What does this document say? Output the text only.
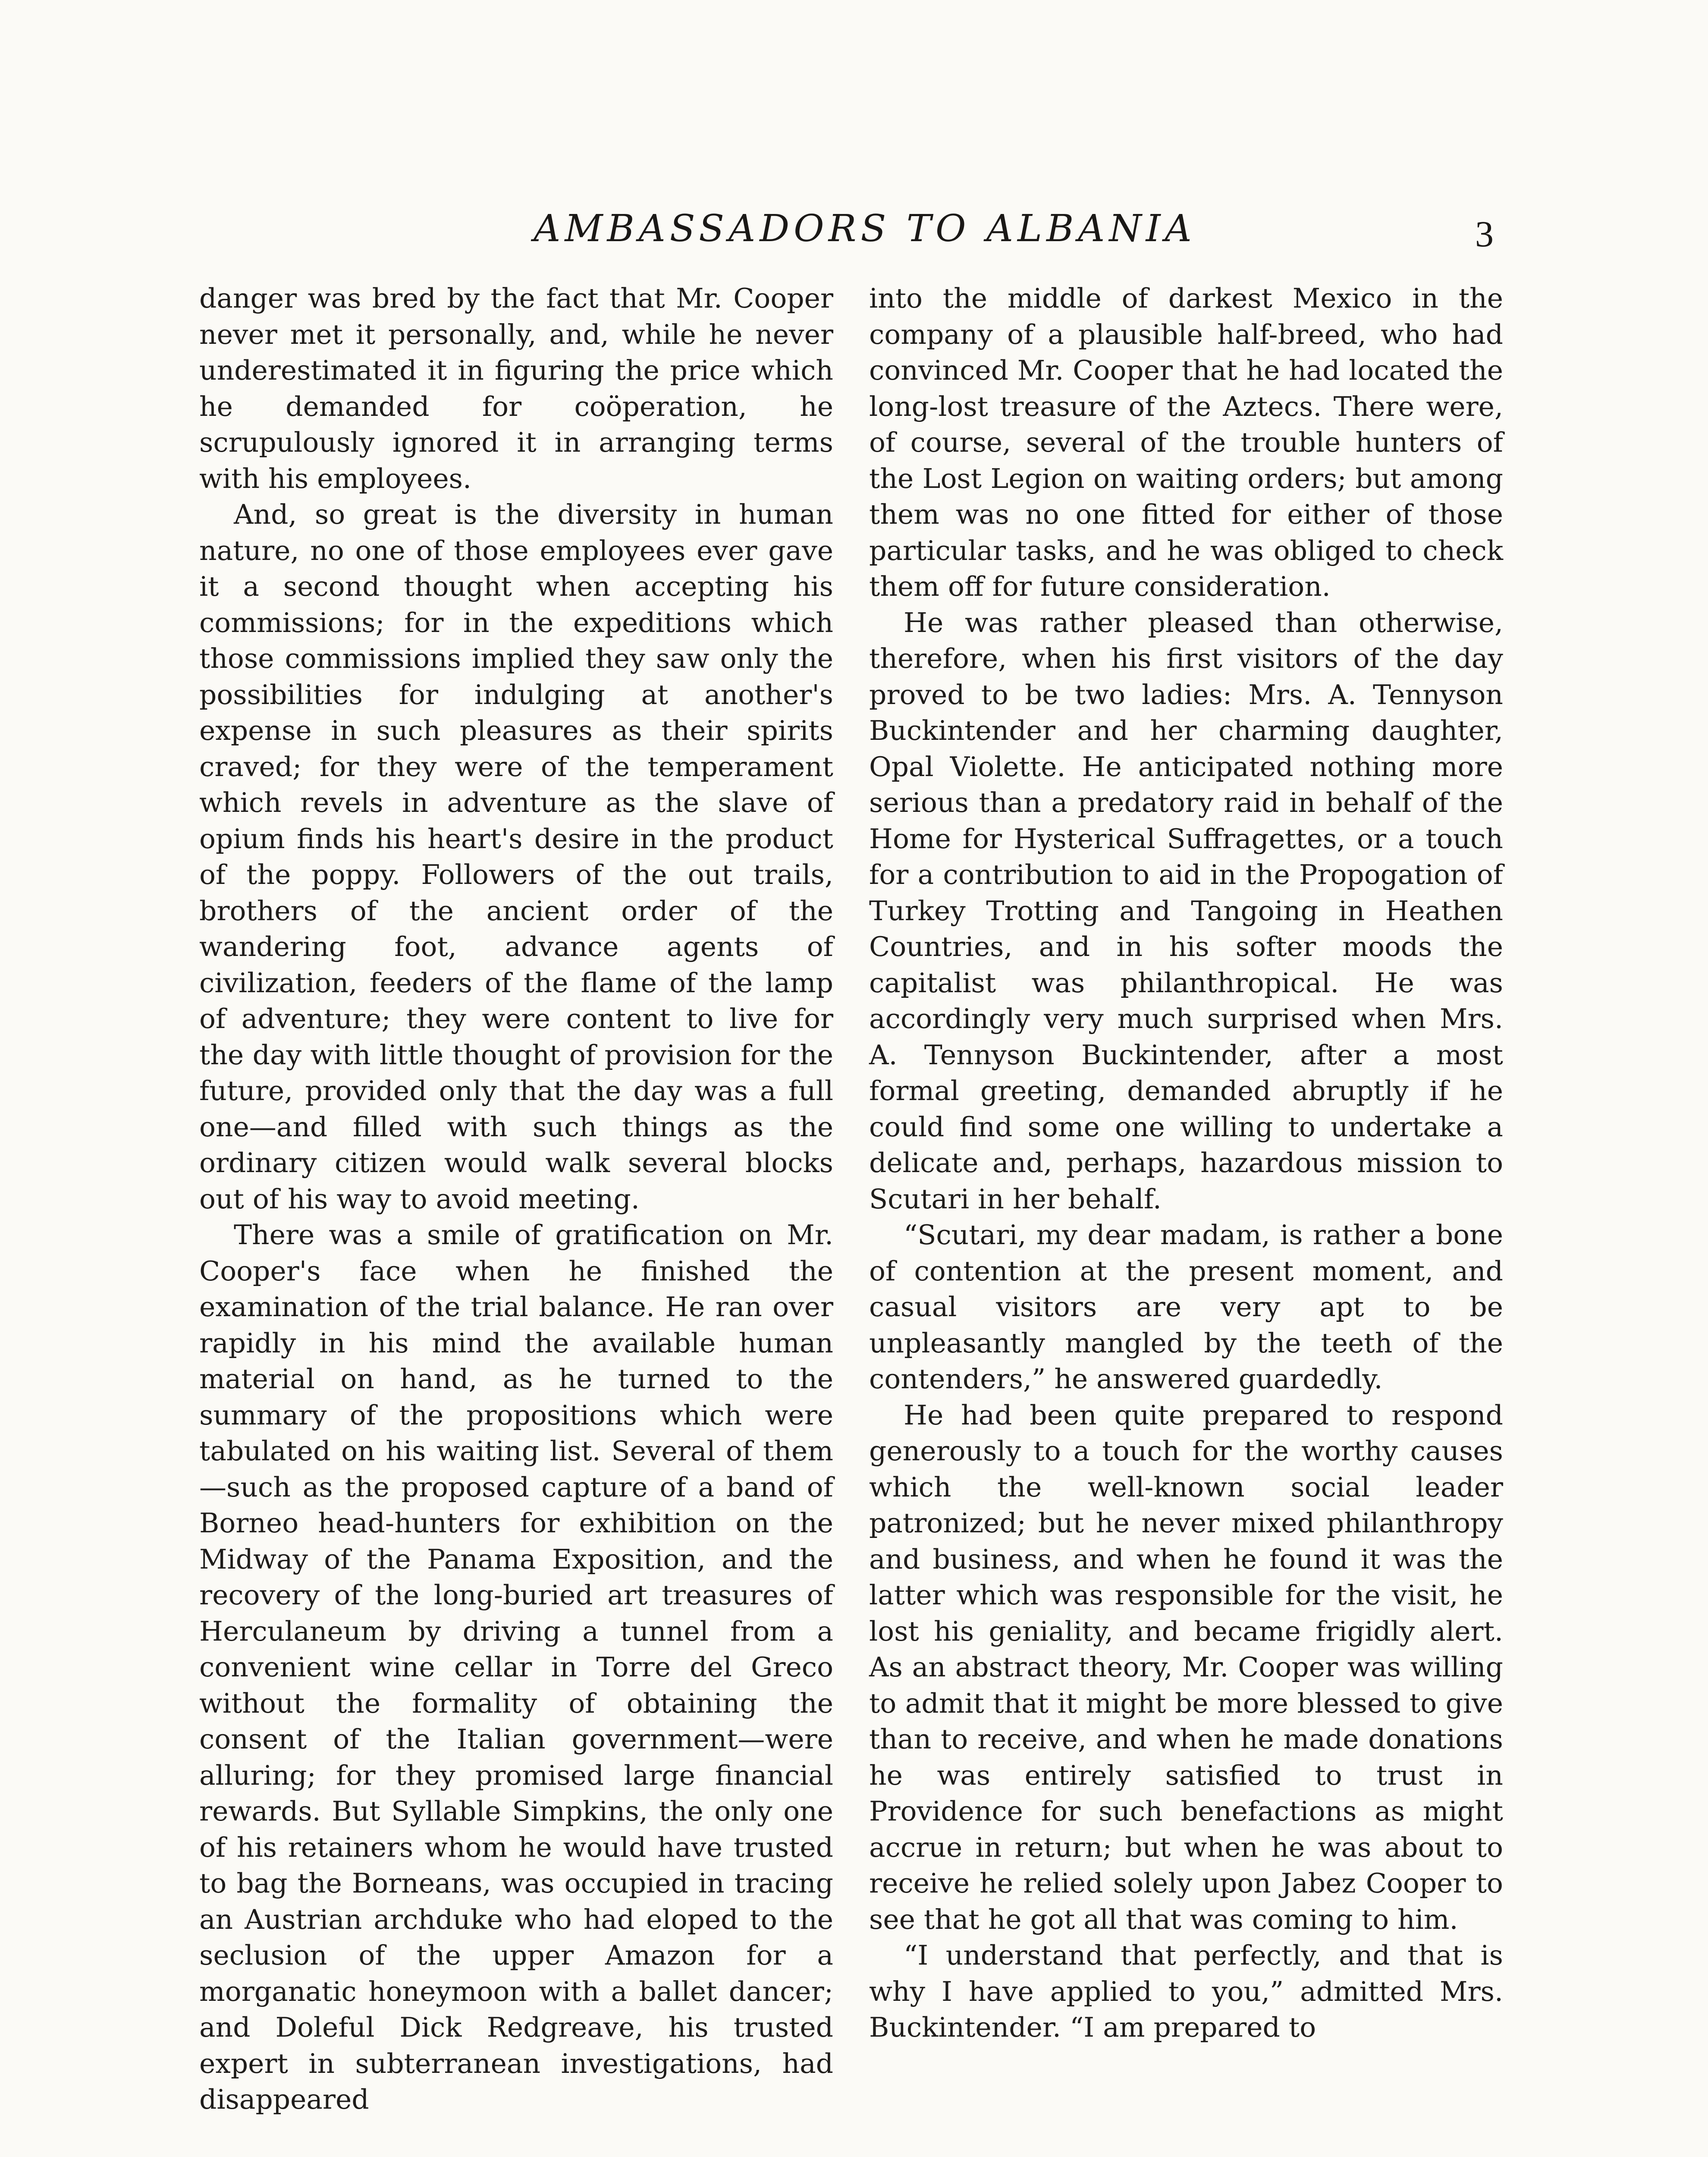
AMBASSADORS TO ALBANIA	3

danger was bred by the fact that Mr. Cooper never met it personally, and, while he never underestimated it in figuring the price which he demanded for coöperation, he scrupulously ignored it in arranging terms with his employees.

And, so great is the diversity in human nature, no one of those employees ever gave it a second thought when accepting his commissions; for in the expeditions which those commissions implied they saw only the possibilities for indulging at another's expense in such pleasures as their spirits craved; for they were of the temperament which revels in adventure as the slave of opium finds his heart's desire in the product of the poppy. Followers of the out trails, brothers of the ancient order of the wandering foot, advance agents of civilization, feeders of the flame of the lamp of adventure; they were content to live for the day with little thought of provision for the future, provided only that the day was a full one—and filled with such things as the ordinary citizen would walk several blocks out of his way to avoid meeting.

There was a smile of gratification on Mr. Cooper's face when he finished the examination of the trial balance. He ran over rapidly in his mind the available human material on hand, as he turned to the summary of the propositions which were tabulated on his waiting list. Several of them—such as the proposed capture of a band of Borneo head-hunters for exhibition on the Midway of the Panama Exposition, and the recovery of the long-buried art treasures of Herculaneum by driving a tunnel from a convenient wine cellar in Torre del Greco without the formality of obtaining the consent of the Italian government—were alluring; for they promised large financial rewards. But Syllable Simpkins, the only one of his retainers whom he would have trusted to bag the Borneans, was occupied in tracing an Austrian archduke who had eloped to the seclusion of the upper Amazon for a morganatic honeymoon with a ballet dancer; and Doleful Dick Redgreave, his trusted expert in subterranean investigations, had disappeared

into the middle of darkest Mexico in the company of a plausible half-breed, who had convinced Mr. Cooper that he had located the long-lost treasure of the Aztecs. There were, of course, several of the trouble hunters of the Lost Legion on waiting orders; but among them was no one fitted for either of those particular tasks, and he was obliged to check them off for future consideration.

He was rather pleased than otherwise, therefore, when his first visitors of the day proved to be two ladies: Mrs. A. Tennyson Buckintender and her charming daughter, Opal Violette. He anticipated nothing more serious than a predatory raid in behalf of the Home for Hysterical Suffragettes, or a touch for a contribution to aid in the Propogation of Turkey Trotting and Tangoing in Heathen Countries, and in his softer moods the capitalist was philanthropical. He was accordingly very much surprised when Mrs. A. Tennyson Buckintender, after a most formal greeting, demanded abruptly if he could find some one willing to undertake a delicate and, perhaps, hazardous mission to Scutari in her behalf.

“Scutari, my dear madam, is rather a bone of contention at the present moment, and casual visitors are very apt to be unpleasantly mangled by the teeth of the contenders,” he answered guardedly.

He had been quite prepared to respond generously to a touch for the worthy causes which the well-known social leader patronized; but he never mixed philanthropy and business, and when he found it was the latter which was responsible for the visit, he lost his geniality, and became frigidly alert. As an abstract theory, Mr. Cooper was willing to admit that it might be more blessed to give than to receive, and when he made donations he was entirely satisfied to trust in Providence for such benefactions as might accrue in return; but when he was about to receive he relied solely upon Jabez Cooper to see that he got all that was coming to him.

“I understand that perfectly, and that is why I have applied to you,” admitted Mrs. Buckintender. “I am prepared to
